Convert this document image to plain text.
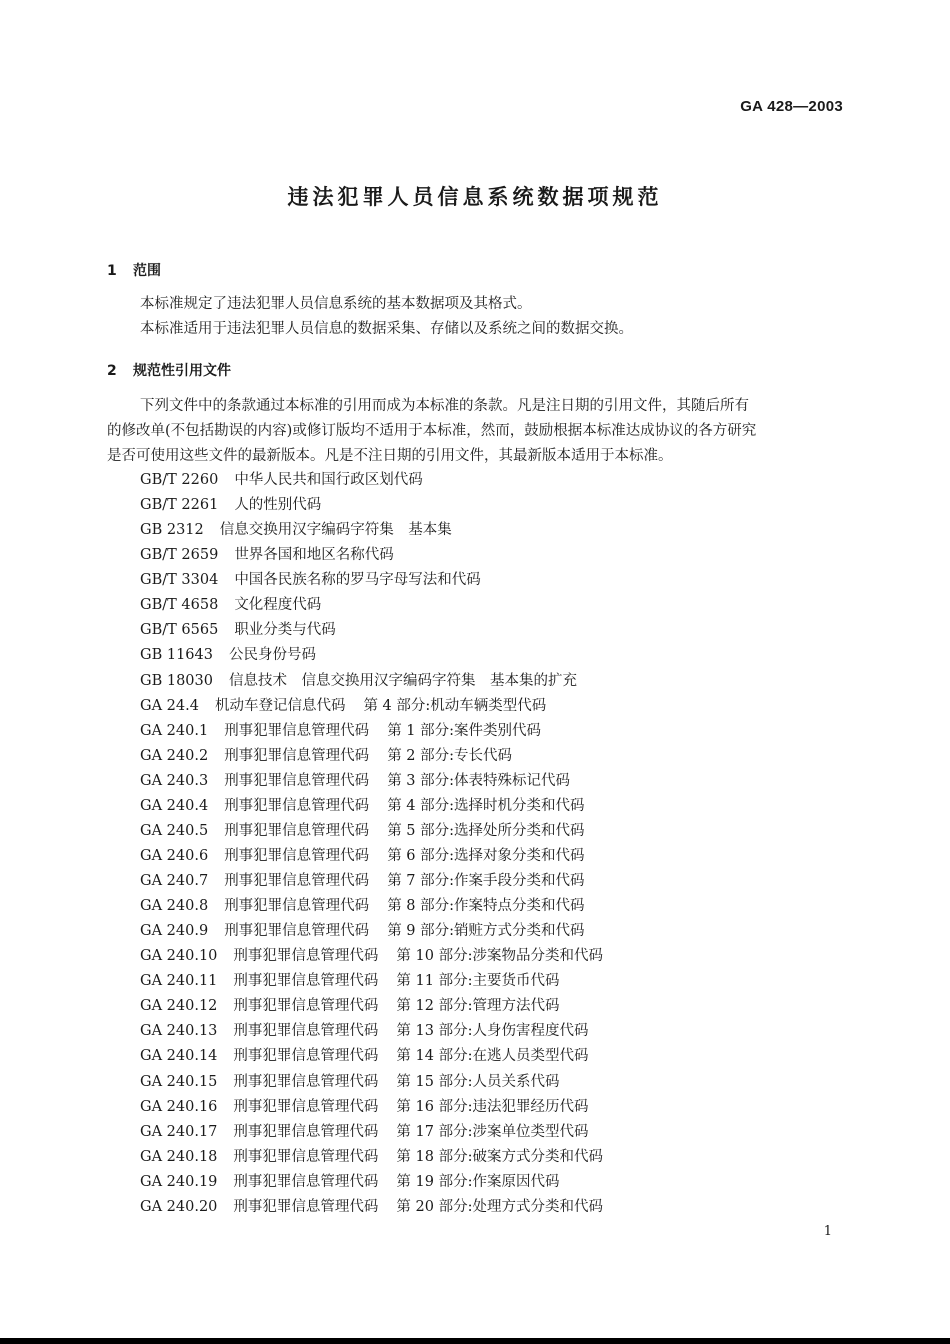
GA 428—2003
违法犯罪人员信息系统数据项规范
1 范围
本标准规定了违法犯罪人员信息系统的基本数据项及其格式。
本标准适用于违法犯罪人员信息的数据采集、存储以及系统之间的数据交换。
2 规范性引用文件
下列文件中的条款通过本标准的引用而成为本标准的条款。凡是注日期的引用文件，其随后所有
的修改单(不包括勘误的内容)或修订版均不适用于本标准，然而，鼓励根据本标准达成协议的各方研究
是否可使用这些文件的最新版本。凡是不注日期的引用文件，其最新版本适用于本标准。
GB/T 2260 中华人民共和国行政区划代码
GB/T 2261 人的性别代码
GB 2312 信息交换用汉字编码字符集　基本集
GB/T 2659 世界各国和地区名称代码
GB/T 3304 中国各民族名称的罗马字母写法和代码
GB/T 4658 文化程度代码
GB/T 6565 职业分类与代码
GB 11643 公民身份号码
GB 18030 信息技术　信息交换用汉字编码字符集　基本集的扩充
GA 24.4 机动车登记信息代码 第 4 部分:机动车辆类型代码
GA 240.1 刑事犯罪信息管理代码 第 1 部分:案件类别代码
GA 240.2 刑事犯罪信息管理代码 第 2 部分:专长代码
GA 240.3 刑事犯罪信息管理代码 第 3 部分:体表特殊标记代码
GA 240.4 刑事犯罪信息管理代码 第 4 部分:选择时机分类和代码
GA 240.5 刑事犯罪信息管理代码 第 5 部分:选择处所分类和代码
GA 240.6 刑事犯罪信息管理代码 第 6 部分:选择对象分类和代码
GA 240.7 刑事犯罪信息管理代码 第 7 部分:作案手段分类和代码
GA 240.8 刑事犯罪信息管理代码 第 8 部分:作案特点分类和代码
GA 240.9 刑事犯罪信息管理代码 第 9 部分:销赃方式分类和代码
GA 240.10 刑事犯罪信息管理代码 第 10 部分:涉案物品分类和代码
GA 240.11 刑事犯罪信息管理代码 第 11 部分:主要货币代码
GA 240.12 刑事犯罪信息管理代码 第 12 部分:管理方法代码
GA 240.13 刑事犯罪信息管理代码 第 13 部分:人身伤害程度代码
GA 240.14 刑事犯罪信息管理代码 第 14 部分:在逃人员类型代码
GA 240.15 刑事犯罪信息管理代码 第 15 部分:人员关系代码
GA 240.16 刑事犯罪信息管理代码 第 16 部分:违法犯罪经历代码
GA 240.17 刑事犯罪信息管理代码 第 17 部分:涉案单位类型代码
GA 240.18 刑事犯罪信息管理代码 第 18 部分:破案方式分类和代码
GA 240.19 刑事犯罪信息管理代码 第 19 部分:作案原因代码
GA 240.20 刑事犯罪信息管理代码 第 20 部分:处理方式分类和代码
1
